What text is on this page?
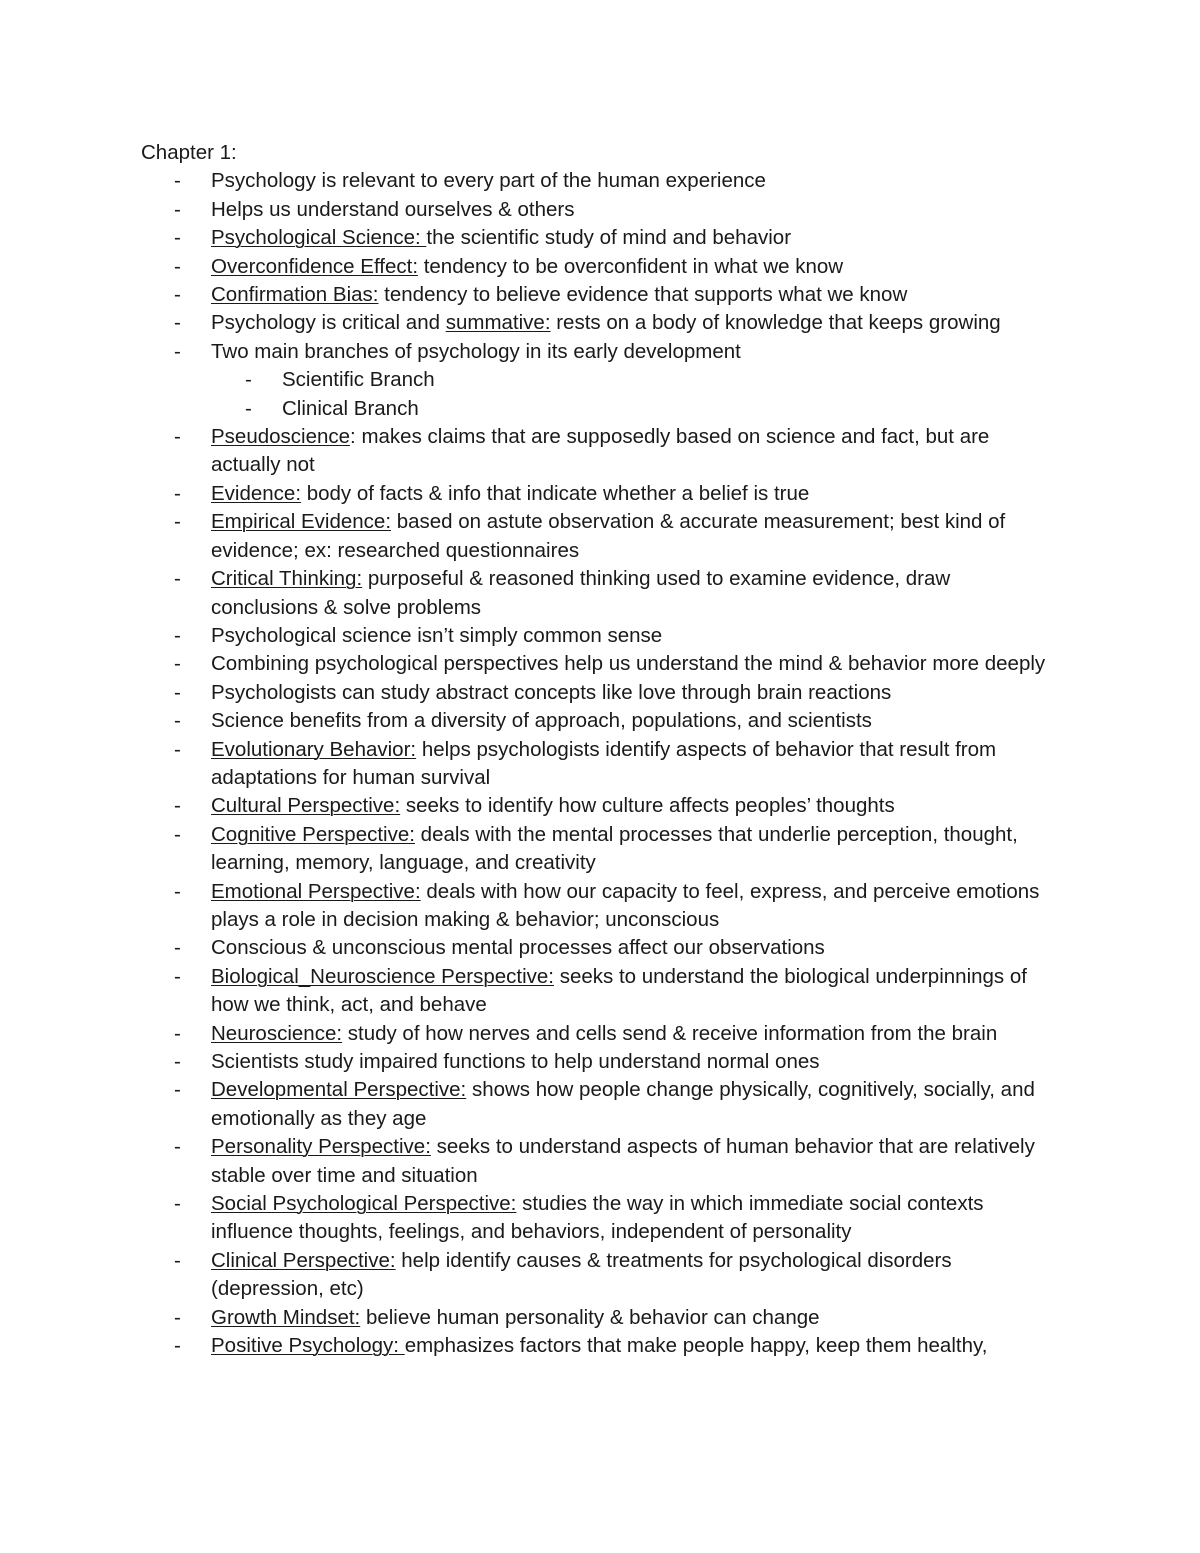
Chapter 1:

- Psychology is relevant to every part of the human experience
- Helps us understand ourselves & others
- Psychological Science: the scientific study of mind and behavior
- Overconfidence Effect: tendency to be overconfident in what we know
- Confirmation Bias: tendency to believe evidence that supports what we know
- Psychology is critical and summative: rests on a body of knowledge that keeps growing
- Two main branches of psychology in its early development
- Scientific Branch
- Clinical Branch
- Pseudoscience: makes claims that are supposedly based on science and fact, but are actually not
- Evidence: body of facts & info that indicate whether a belief is true
- Empirical Evidence: based on astute observation & accurate measurement; best kind of evidence; ex: researched questionnaires
- Critical Thinking: purposeful & reasoned thinking used to examine evidence, draw conclusions & solve problems
- Psychological science isn’t simply common sense
- Combining psychological perspectives help us understand the mind & behavior more deeply
- Psychologists can study abstract concepts like love through brain reactions
- Science benefits from a diversity of approach, populations, and scientists
- Evolutionary Behavior: helps psychologists identify aspects of behavior that result from adaptations for human survival
- Cultural Perspective: seeks to identify how culture affects peoples’ thoughts
- Cognitive Perspective: deals with the mental processes that underlie perception, thought, learning, memory, language, and creativity
- Emotional Perspective: deals with how our capacity to feel, express, and perceive emotions plays a role in decision making & behavior; unconscious
- Conscious & unconscious mental processes affect our observations
- Biological_Neuroscience Perspective: seeks to understand the biological underpinnings of how we think, act, and behave
- Neuroscience: study of how nerves and cells send & receive information from the brain
- Scientists study impaired functions to help understand normal ones
- Developmental Perspective: shows how people change physically, cognitively, socially, and emotionally as they age
- Personality Perspective: seeks to understand aspects of human behavior that are relatively stable over time and situation
- Social Psychological Perspective: studies the way in which immediate social contexts influence thoughts, feelings, and behaviors, independent of personality
- Clinical Perspective: help identify causes & treatments for psychological disorders (depression, etc)
- Growth Mindset: believe human personality & behavior can change
- Positive Psychology: emphasizes factors that make people happy, keep them healthy,
